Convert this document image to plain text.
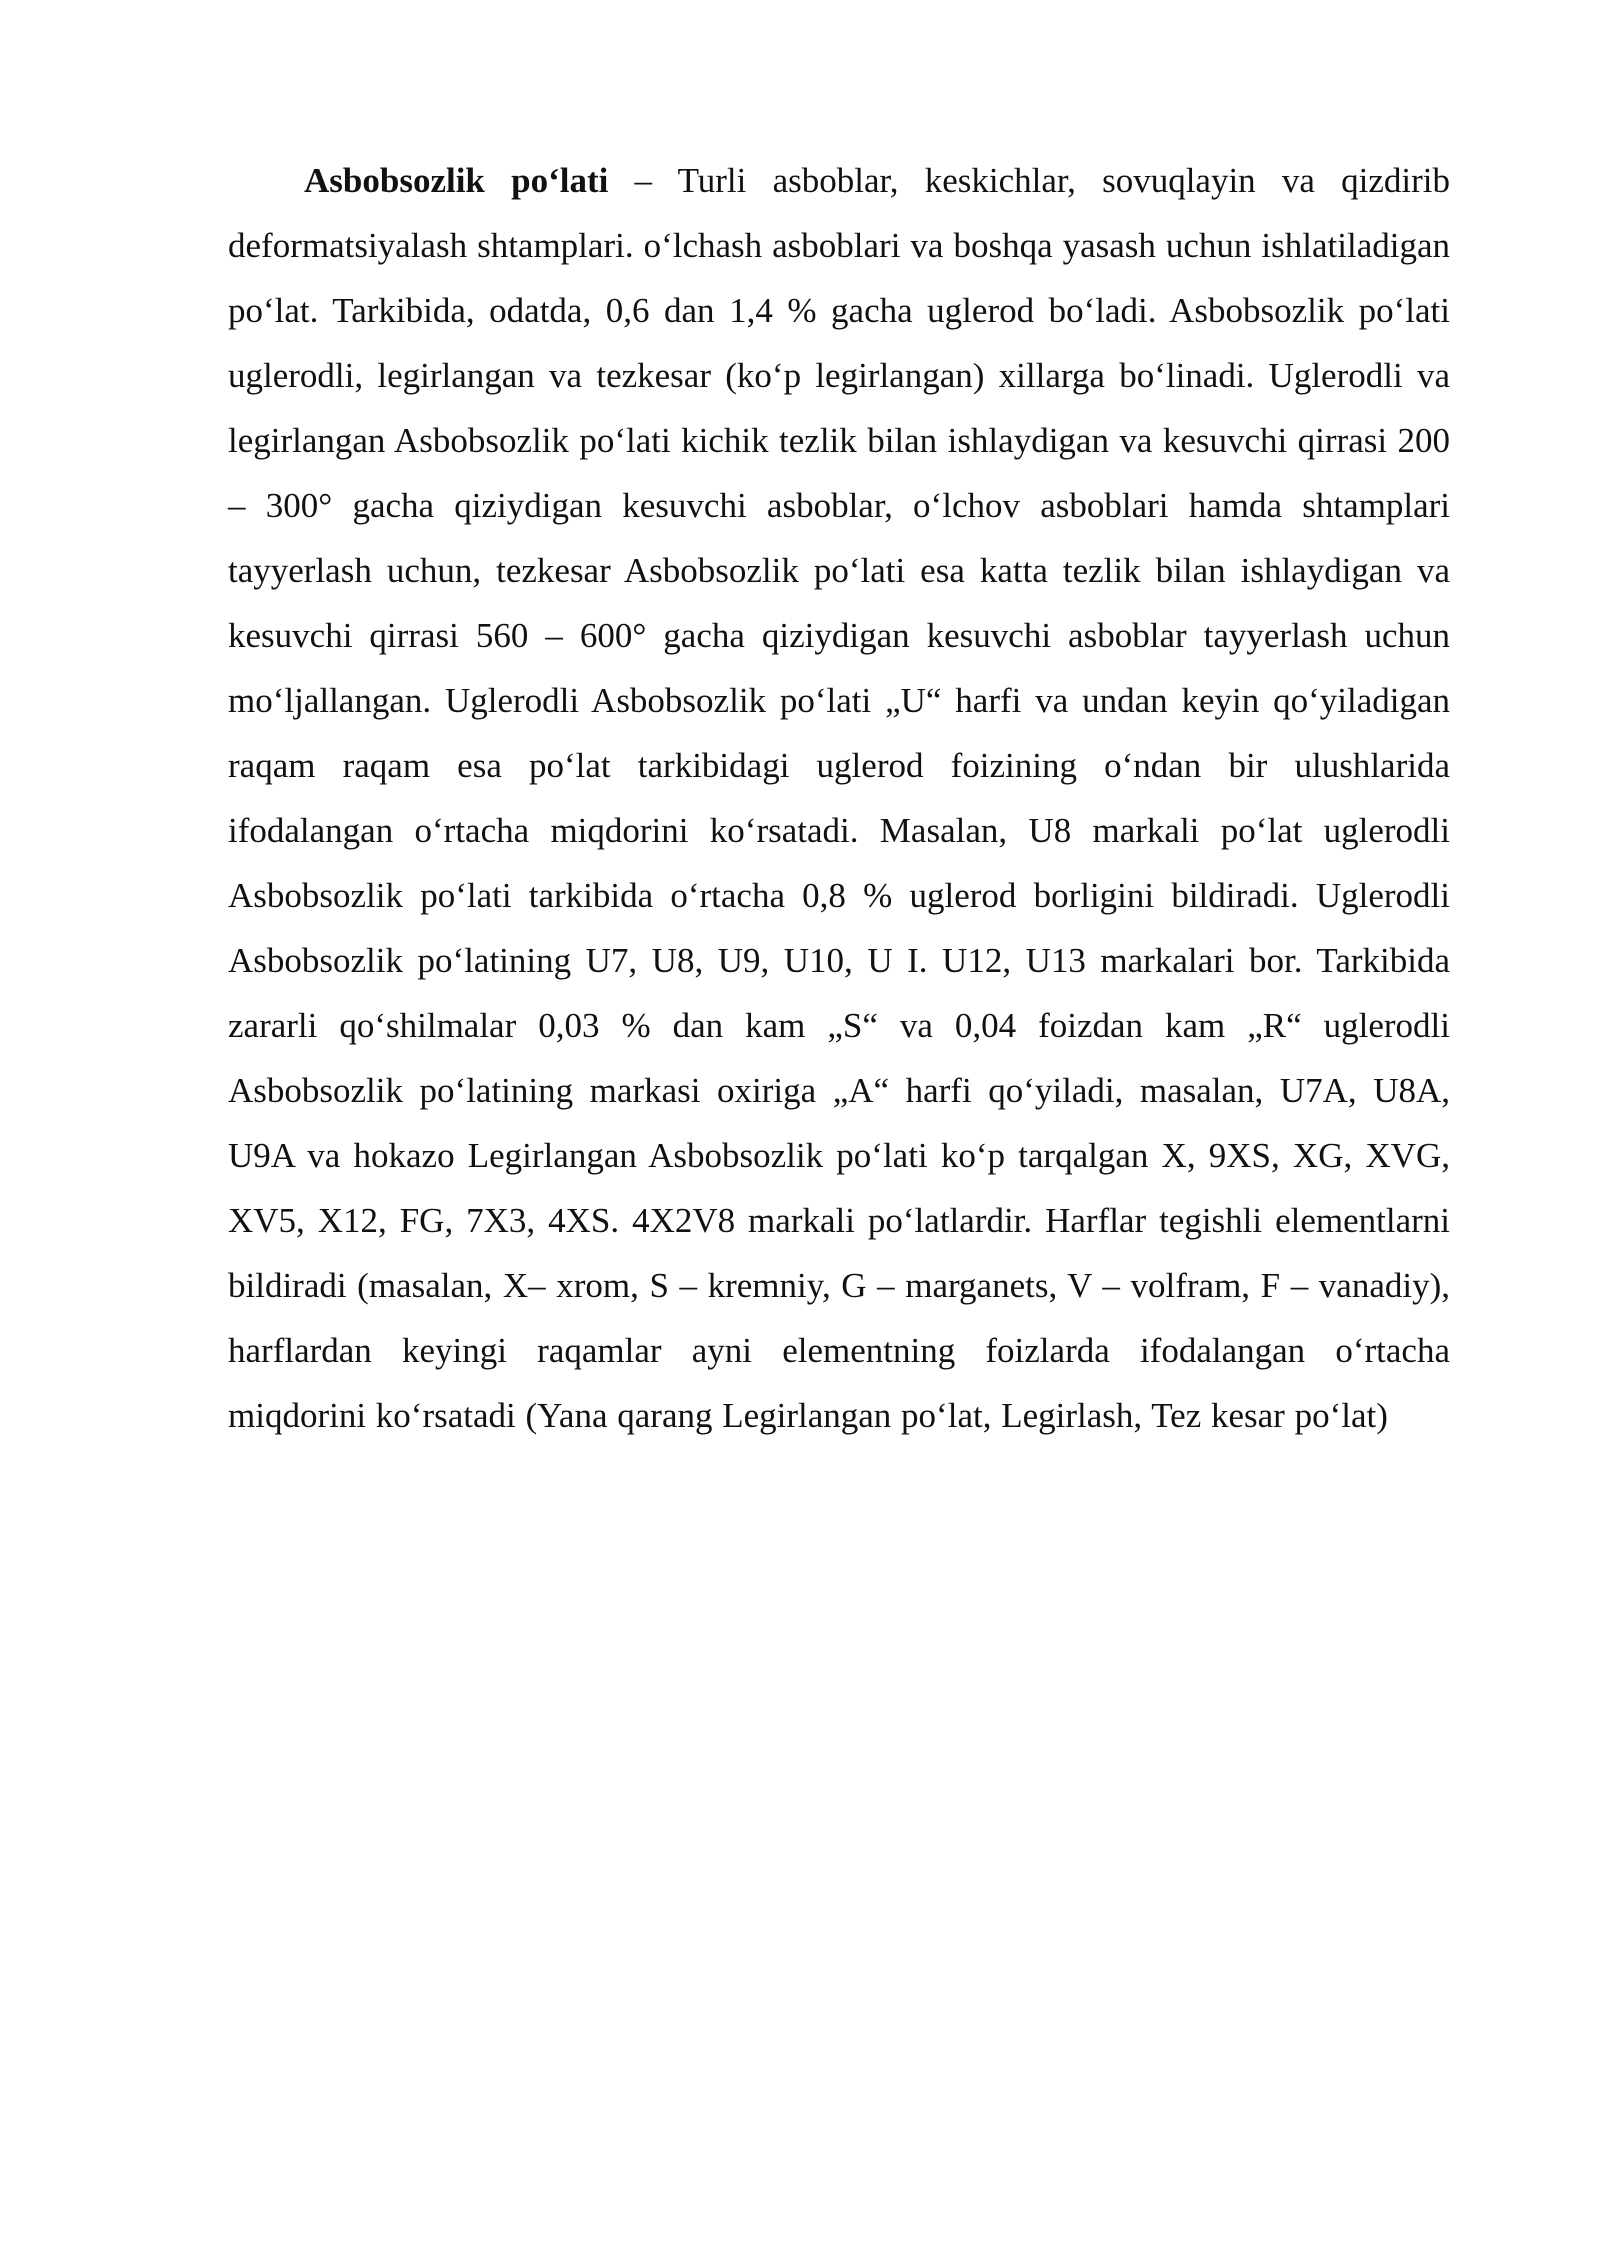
Asbobsozlik po‘lati – Turli asboblar, keskichlar, sovuqlayin va qizdirib deformatsiyalash shtamplari. o‘lchash asboblari va boshqa yasash uchun ishlatiladigan po‘lat. Tarkibida, odatda, 0,6 dan 1,4 % gacha uglerod bo‘ladi. Asbobsozlik po‘lati uglerodli, legirlangan va tezkesar (ko‘p legirlangan) xillarga bo‘linadi. Uglerodli va legirlangan Asbobsozlik po‘lati kichik tezlik bilan ishlaydigan va kesuvchi qirrasi 200 – 300° gacha qiziydigan kesuvchi asboblar, o‘lchov asboblari hamda shtamplari tayyerlash uchun, tezkesar Asbobsozlik po‘lati esa katta tezlik bilan ishlaydigan va kesuvchi qirrasi 560 – 600° gacha qiziydigan kesuvchi asboblar tayyerlash uchun mo‘ljallangan. Uglerodli Asbobsozlik po‘lati „U“ harfi va undan keyin qo‘yiladigan raqam raqam esa po‘lat tarkibidagi uglerod foizining o‘ndan bir ulushlarida ifodalangan o‘rtacha miqdorini ko‘rsatadi. Masalan, U8 markali po‘lat uglerodli Asbobsozlik po‘lati tarkibida o‘rtacha 0,8 % uglerod borligini bildiradi. Uglerodli Asbobsozlik po‘latining U7, U8, U9, U10, U I. U12, U13 markalari bor. Tarkibida zararli qo‘shilmalar 0,03 % dan kam „S“ va 0,04 foizdan kam „R“ uglerodli Asbobsozlik po‘latining markasi oxiriga „A“ harfi qo‘yiladi, masalan, U7A, U8A, U9A va hokazo Legirlangan Asbobsozlik po‘lati ko‘p tarqalgan X, 9XS, XG, XVG, XV5, X12, FG, 7X3, 4XS. 4X2V8 markali po‘latlardir. Harflar tegishli elementlarni bildiradi (masalan, X– xrom, S – kremniy, G – marganets, V – volfram, F – vanadiy), harflardan keyingi raqamlar ayni elementning foizlarda ifodalangan o‘rtacha miqdorini ko‘rsatadi (Yana qarang Legirlangan po‘lat, Legirlash, Tez kesar po‘lat)
